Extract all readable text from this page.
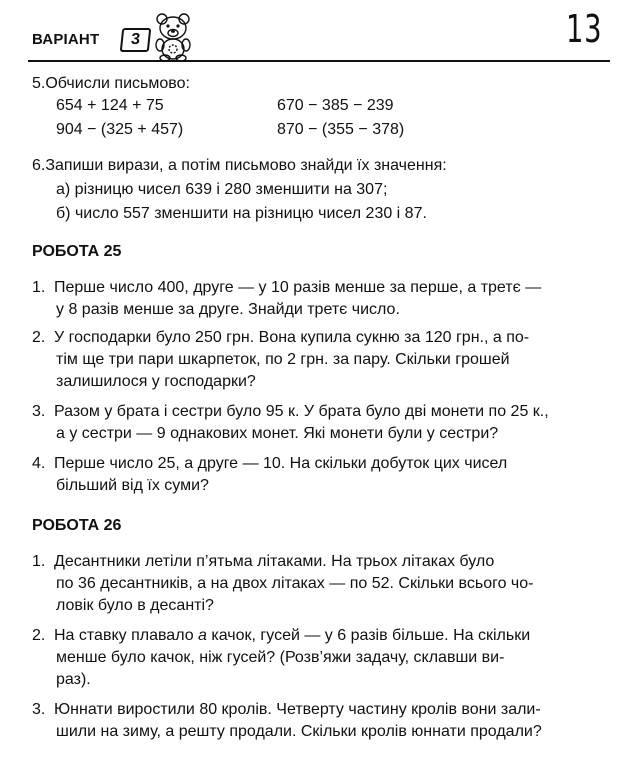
ВАРІАНТ	3	13
5.Обчисли письмово:
654 + 124 + 75	670 − 385 − 239
904 − (325 + 457)	870 − (355 − 378)
6.Запиши вирази, а потім письмово знайди їх значення:
а) різницю чисел 639 і 280 зменшити на 307;
б) число 557 зменшити на різницю чисел 230 і 87.
РОБОТА 25
1. Перше число 400, друге — у 10 разів менше за перше, а третє —
у 8 разів менше за друге. Знайди третє число.
2. У господарки було 250 грн. Вона купила сукню за 120 грн., а по-
тім ще три пари шкарпеток, по 2 грн. за пару. Скільки грошей
залишилося у господарки?
3. Разом у брата і сестри було 95 к. У брата було дві монети по 25 к.,
а у сестри — 9 однакових монет. Які монети були у сестри?
4. Перше число 25, а друге — 10. На скільки добуток цих чисел
більший від їх суми?
РОБОТА 26
1. Десантники летіли п’ятьма літаками. На трьох літаках було
по 36 десантників, а на двох літаках — по 52. Скільки всього чо-
ловік було в десанті?
2. На ставку плавало а качок, гусей — у 6 разів більше. На скільки
менше було качок, ніж гусей? (Розв’яжи задачу, склавши ви-
раз).
3. Юннати виростили 80 кролів. Четверту частину кролів вони зали-
шили на зиму, а решту продали. Скільки кролів юннати продали?
